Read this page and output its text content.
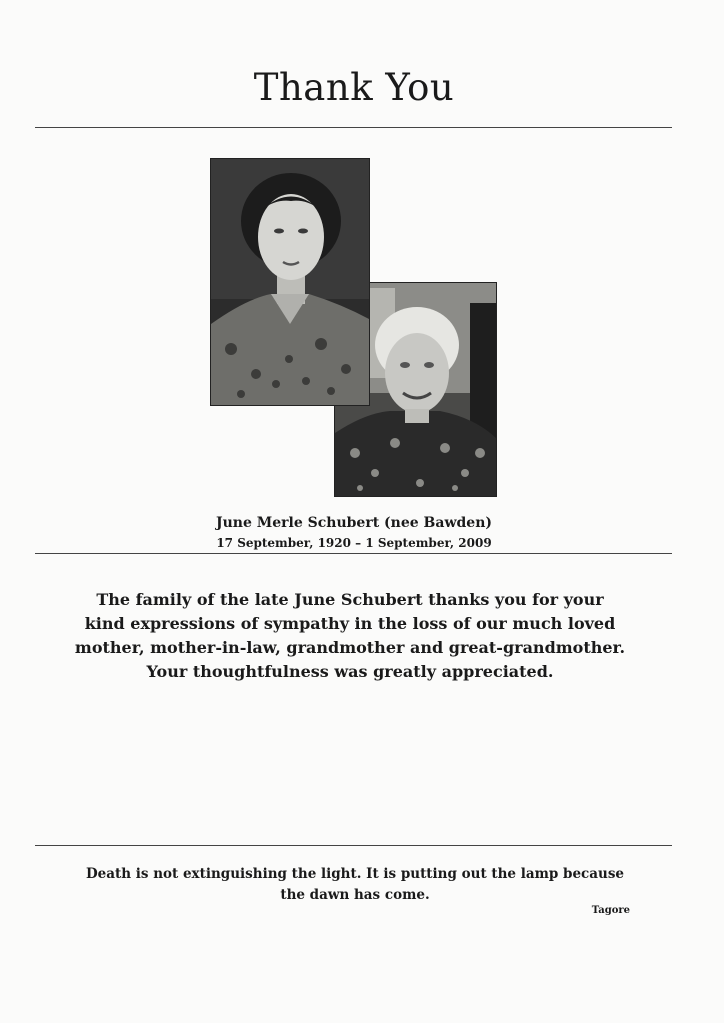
Thank You
June Merle Schubert (nee Bawden)
17 September, 1920 – 1 September, 2009
The family of the late June Schubert thanks you for your
kind expressions of sympathy in the loss of our much loved
mother, mother-in-law, grandmother and great-grandmother.
Your thoughtfulness was greatly appreciated.
Death is not extinguishing the light. It is putting out the lamp because
the dawn has come.
Tagore
